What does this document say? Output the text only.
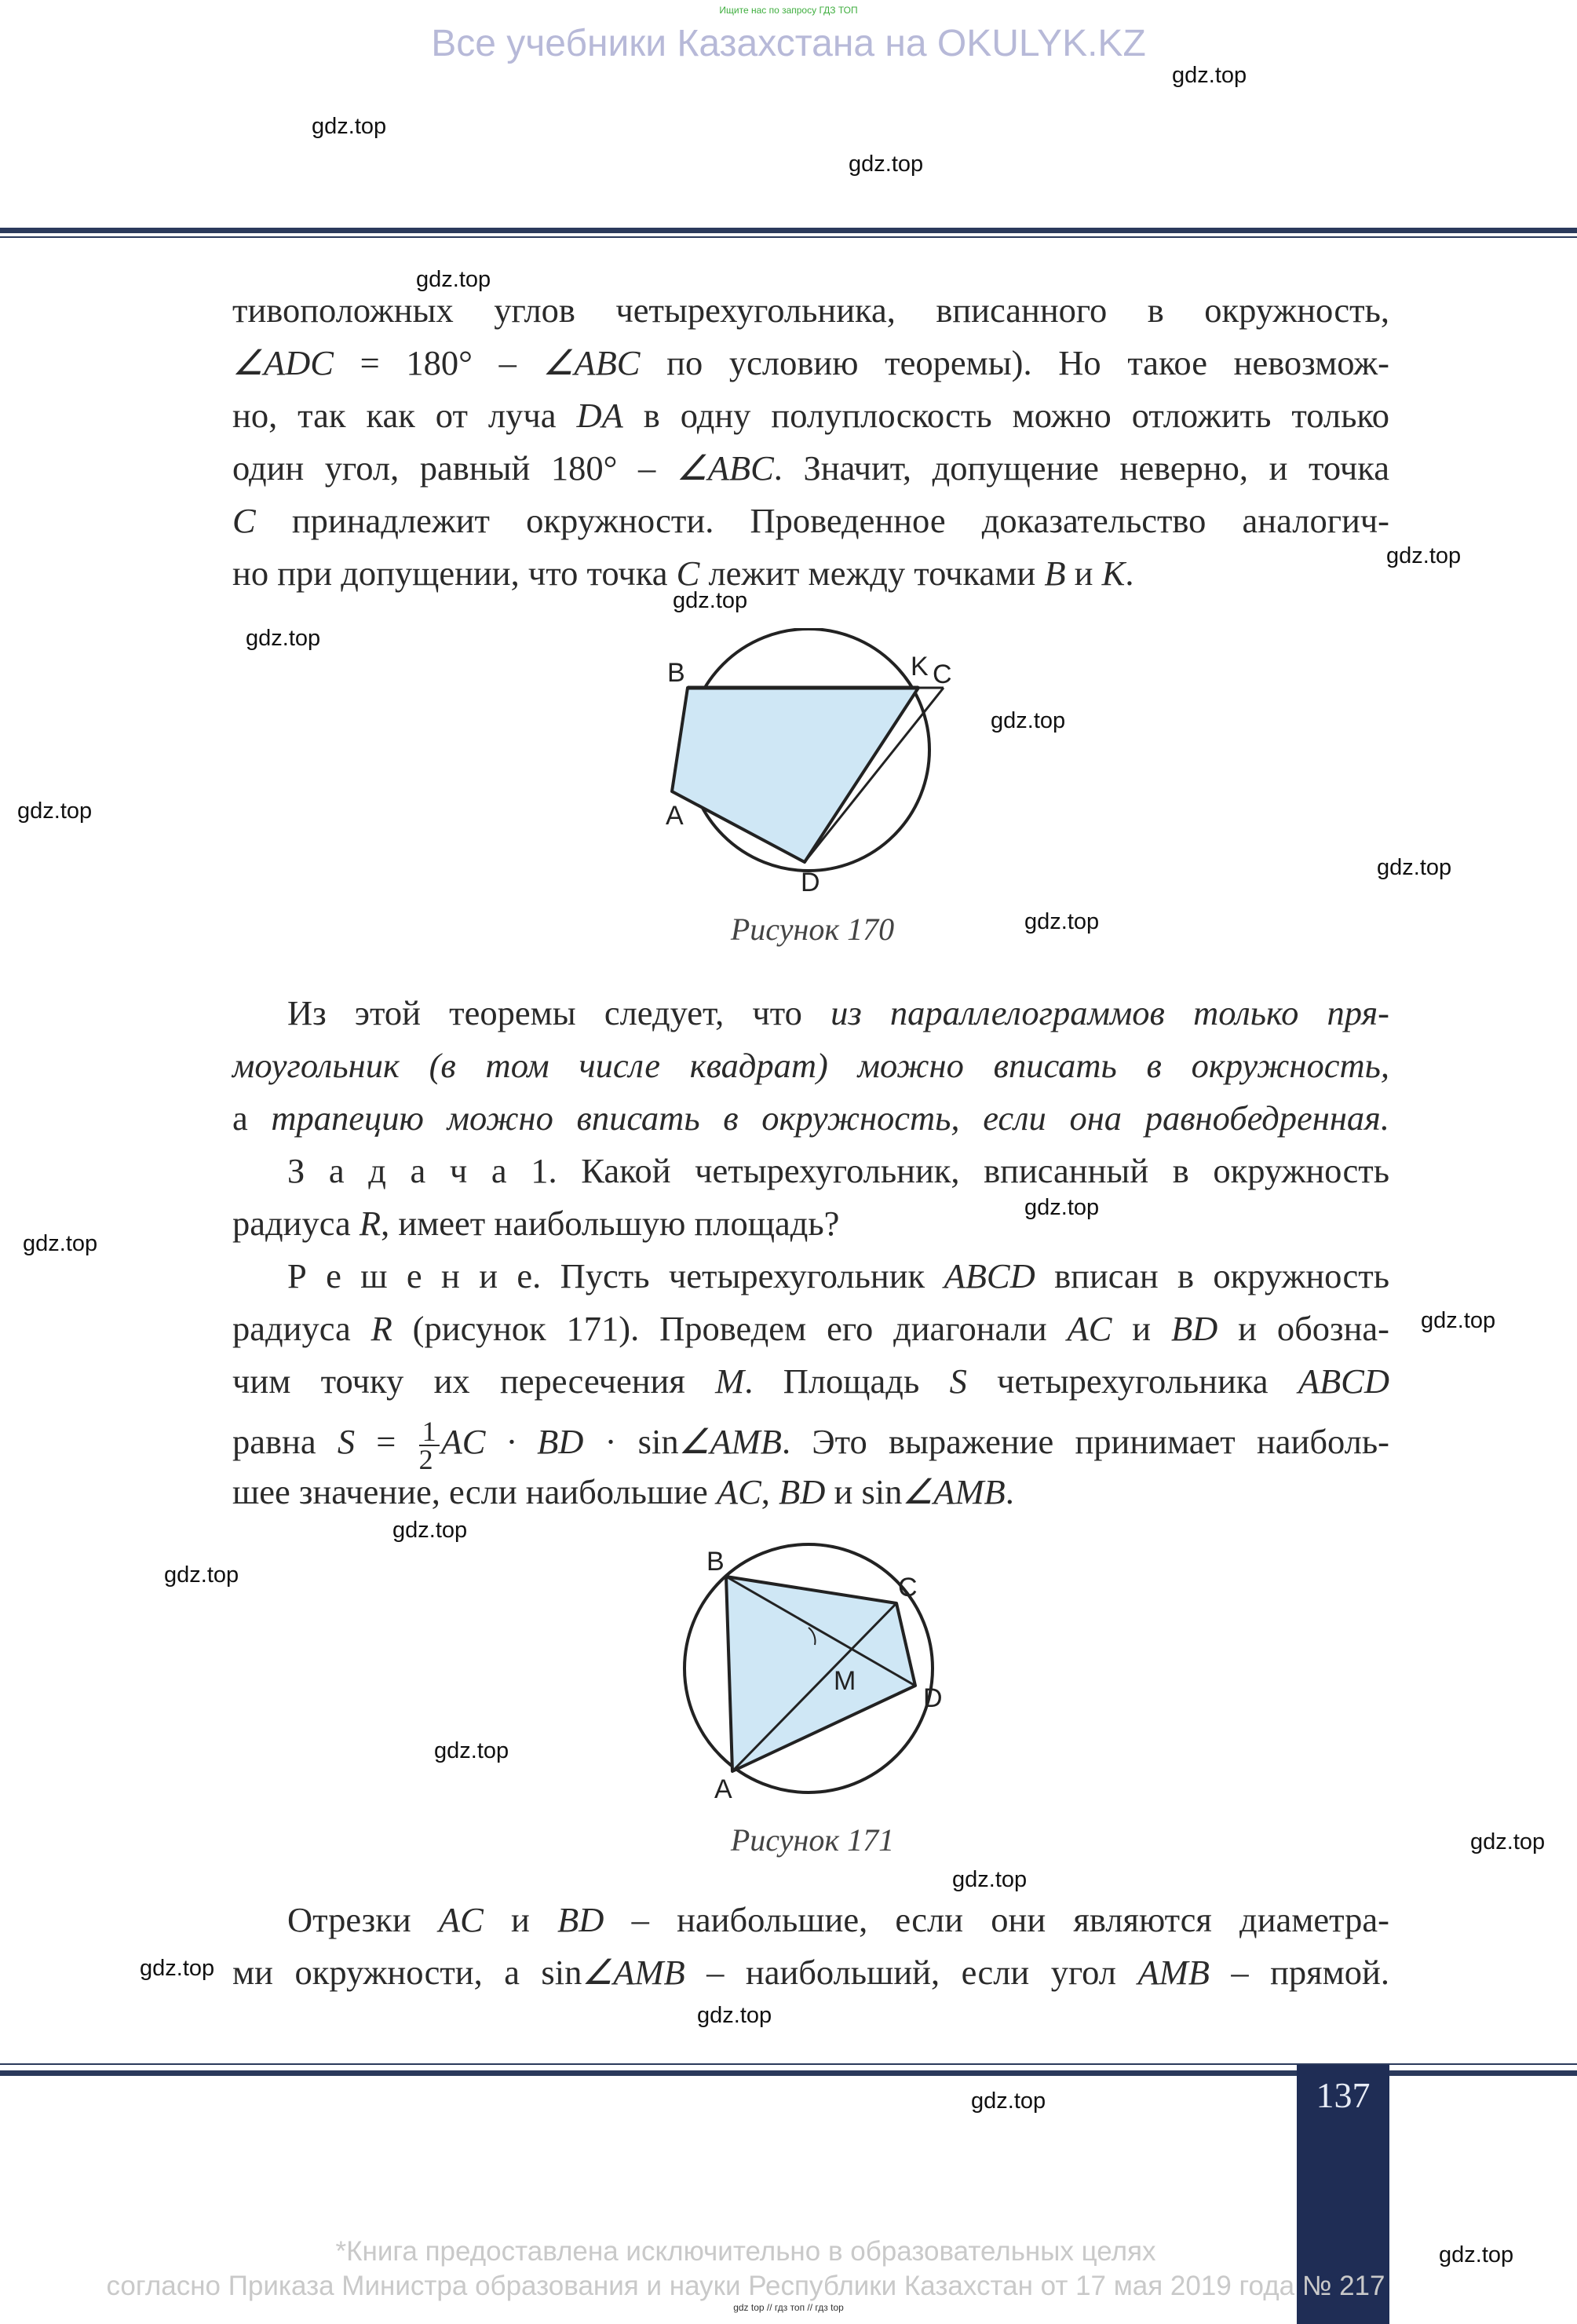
Ищите нас по запросу ГДЗ ТОП
Все учебники Казахстана на OKULYK.KZ
gdz.top
gdz.top
gdz.top
gdz.top
gdz.top
gdz.top
gdz.top
gdz.top
gdz.top
gdz.top
gdz.top
gdz.top
gdz.top
gdz.top
gdz.top
gdz.top
gdz.top
gdz.top
gdz.top
gdz.top
gdz.top
gdz.top
gdz.top
тивоположных углов четырехугольника, вписанного в окружность,
∠ADC = 180° – ∠ABC по условию теоремы). Но такое невозмож-
но, так как от луча DA в одну полуплоскость можно отложить только
один угол, равный 180° – ∠ABC. Значит, допущение неверно, и точка
C принадлежит окружности. Проведенное доказательство аналогич-
но при допущении, что точка C лежит между точками B и K.
B	K C
A
D
Рисунок 170
Из этой теоремы следует, что из параллелограммов только пря-
моугольник (в том числе квадрат) можно вписать в окружность,
а трапецию можно вписать в окружность, если она равнобедренная.
З а д а ч а 1. Какой четырехугольник, вписанный в окружность
радиуса R, имеет наибольшую площадь?
Р е ш е н и е. Пусть четырехугольник ABCD вписан в окружность
радиуса R (рисунок 171). Проведем его диагонали AC и BD и обозна-
чим точку их пересечения M. Площадь S четырехугольника ABCD
равна $S = \frac{1}{2}$ AC · BD · sin∠AMB. Это выражение принимает наиболь-
шее значение, если наибольшие AC, BD и sin∠AMB.
B
C
M
D
A
Рисунок 171
Отрезки AC и BD – наибольшие, если они являются диаметра-
ми окружности, а sin∠AMB – наибольший, если угол AMB – прямой.
137
*Книга предоставлена исключительно в образовательных целях
согласно Приказа Министра образования и науки Республики Казахстан от 17 мая 2019 года № 217
gdz top // гдз топ // гдз top
